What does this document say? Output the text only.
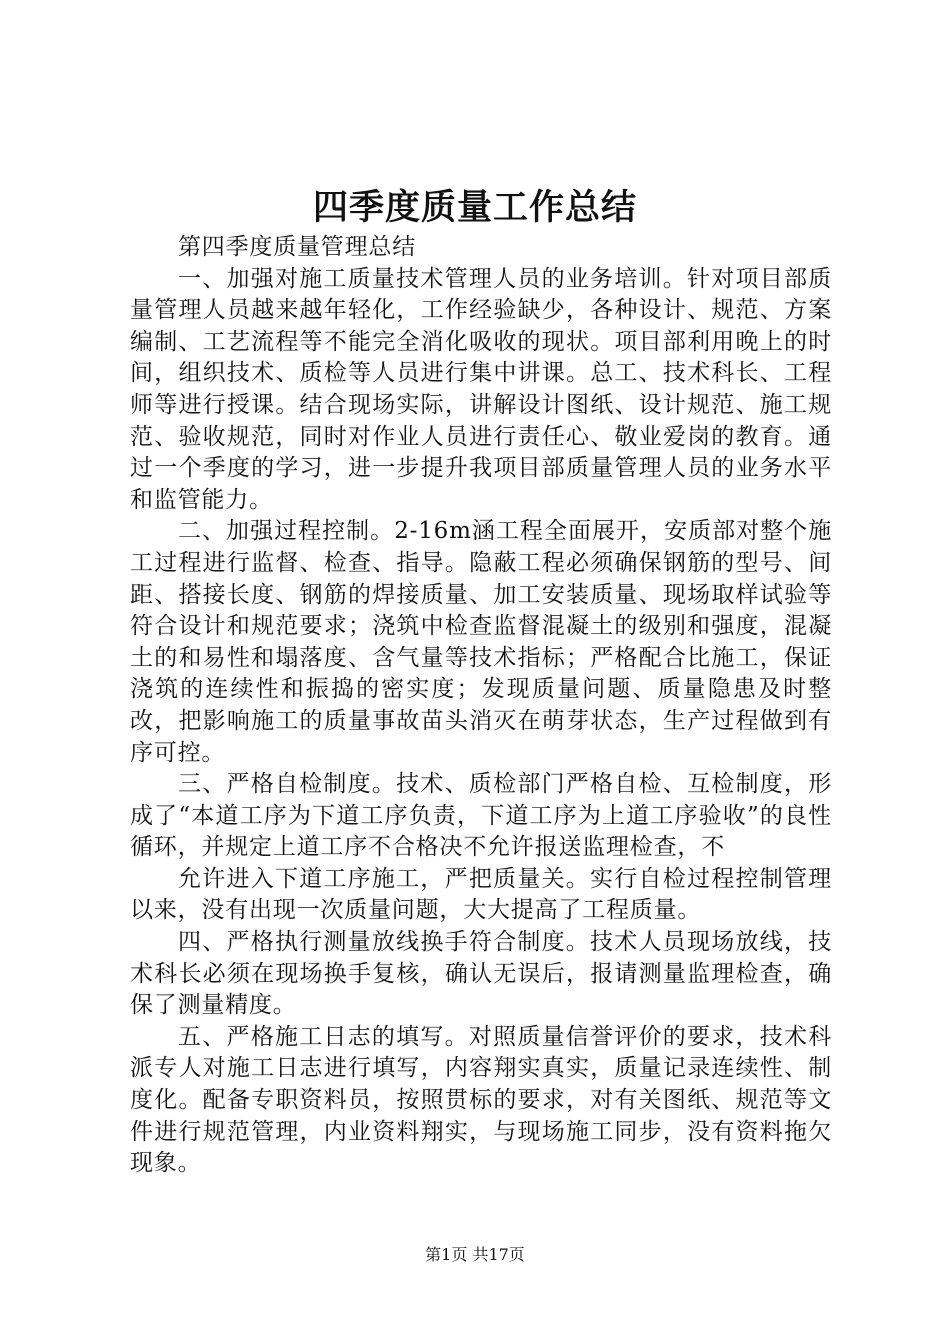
四季度质量工作总结

第四季度质量管理总结

一、加强对施工质量技术管理人员的业务培训。针对项目部质量管理人员越来越年轻化，工作经验缺少，各种设计、规范、方案编制、工艺流程等不能完全消化吸收的现状。项目部利用晚上的时间，组织技术、质检等人员进行集中讲课。总工、技术科长、工程师等进行授课。结合现场实际，讲解设计图纸、设计规范、施工规范、验收规范，同时对作业人员进行责任心、敬业爱岗的教育。通过一个季度的学习，进一步提升我项目部质量管理人员的业务水平和监管能力。

二、加强过程控制。2-16m涵工程全面展开，安质部对整个施工过程进行监督、检查、指导。隐蔽工程必须确保钢筋的型号、间距、搭接长度、钢筋的焊接质量、加工安装质量、现场取样试验等符合设计和规范要求；浇筑中检查监督混凝土的级别和强度，混凝土的和易性和塌落度、含气量等技术指标；严格配合比施工，保证浇筑的连续性和振捣的密实度；发现质量问题、质量隐患及时整改，把影响施工的质量事故苗头消灭在萌芽状态，生产过程做到有序可控。

三、严格自检制度。技术、质检部门严格自检、互检制度，形成了“本道工序为下道工序负责，下道工序为上道工序验收”的良性循环，并规定上道工序不合格决不允许报送监理检查，不

允许进入下道工序施工，严把质量关。实行自检过程控制管理以来，没有出现一次质量问题，大大提高了工程质量。

四、严格执行测量放线换手符合制度。技术人员现场放线，技术科长必须在现场换手复核，确认无误后，报请测量监理检查，确保了测量精度。

五、严格施工日志的填写。对照质量信誉评价的要求，技术科派专人对施工日志进行填写，内容翔实真实，质量记录连续性、制度化。配备专职资料员，按照贯标的要求，对有关图纸、规范等文件进行规范管理，内业资料翔实，与现场施工同步，没有资料拖欠现象。

第1页 共17页
